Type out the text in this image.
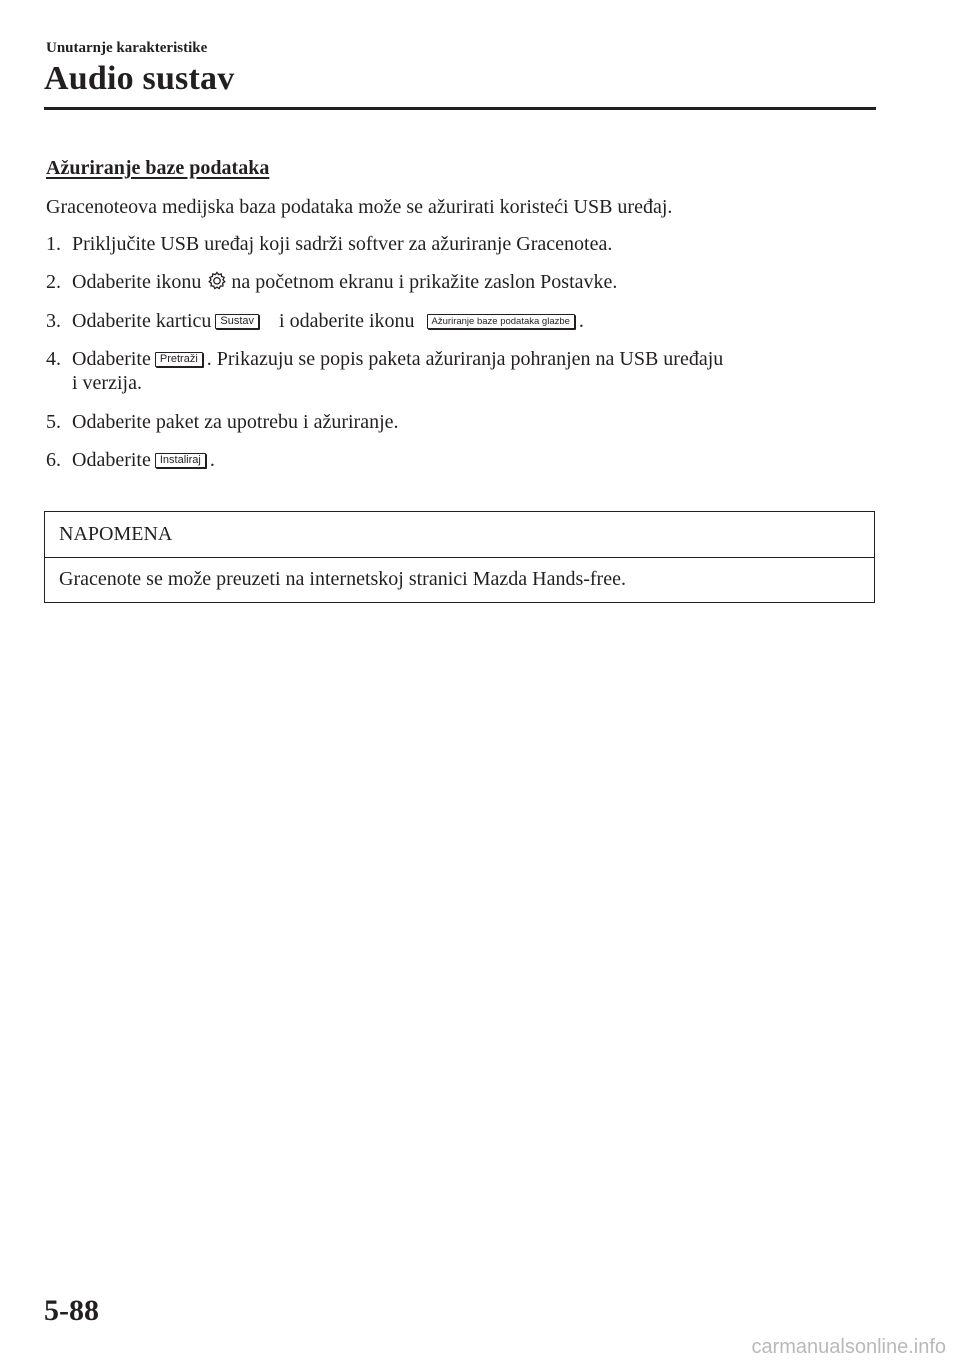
Unutarnje karakteristike
Audio sustav
Ažuriranje baze podataka
Gracenoteova medijska baza podataka može se ažurirati koristeći USB uređaj.
1. Priključite USB uređaj koji sadrži softver za ažuriranje Gracenotea.
2. Odaberite ikonu na početnom ekranu i prikažite zaslon Postavke.
3. Odaberite karticu Sustav i odaberite ikonu Ažuriranje baze podataka glazbe .
4. Odaberite Pretraži . Prikazuju se popis paketa ažuriranja pohranjen na USB uređaju
i verzija.
5. Odaberite paket za upotrebu i ažuriranje.
6. Odaberite Instaliraj .
NAPOMENA
Gracenote se može preuzeti na internetskoj stranici Mazda Hands-free.
5-88
carmanualsonline.info
